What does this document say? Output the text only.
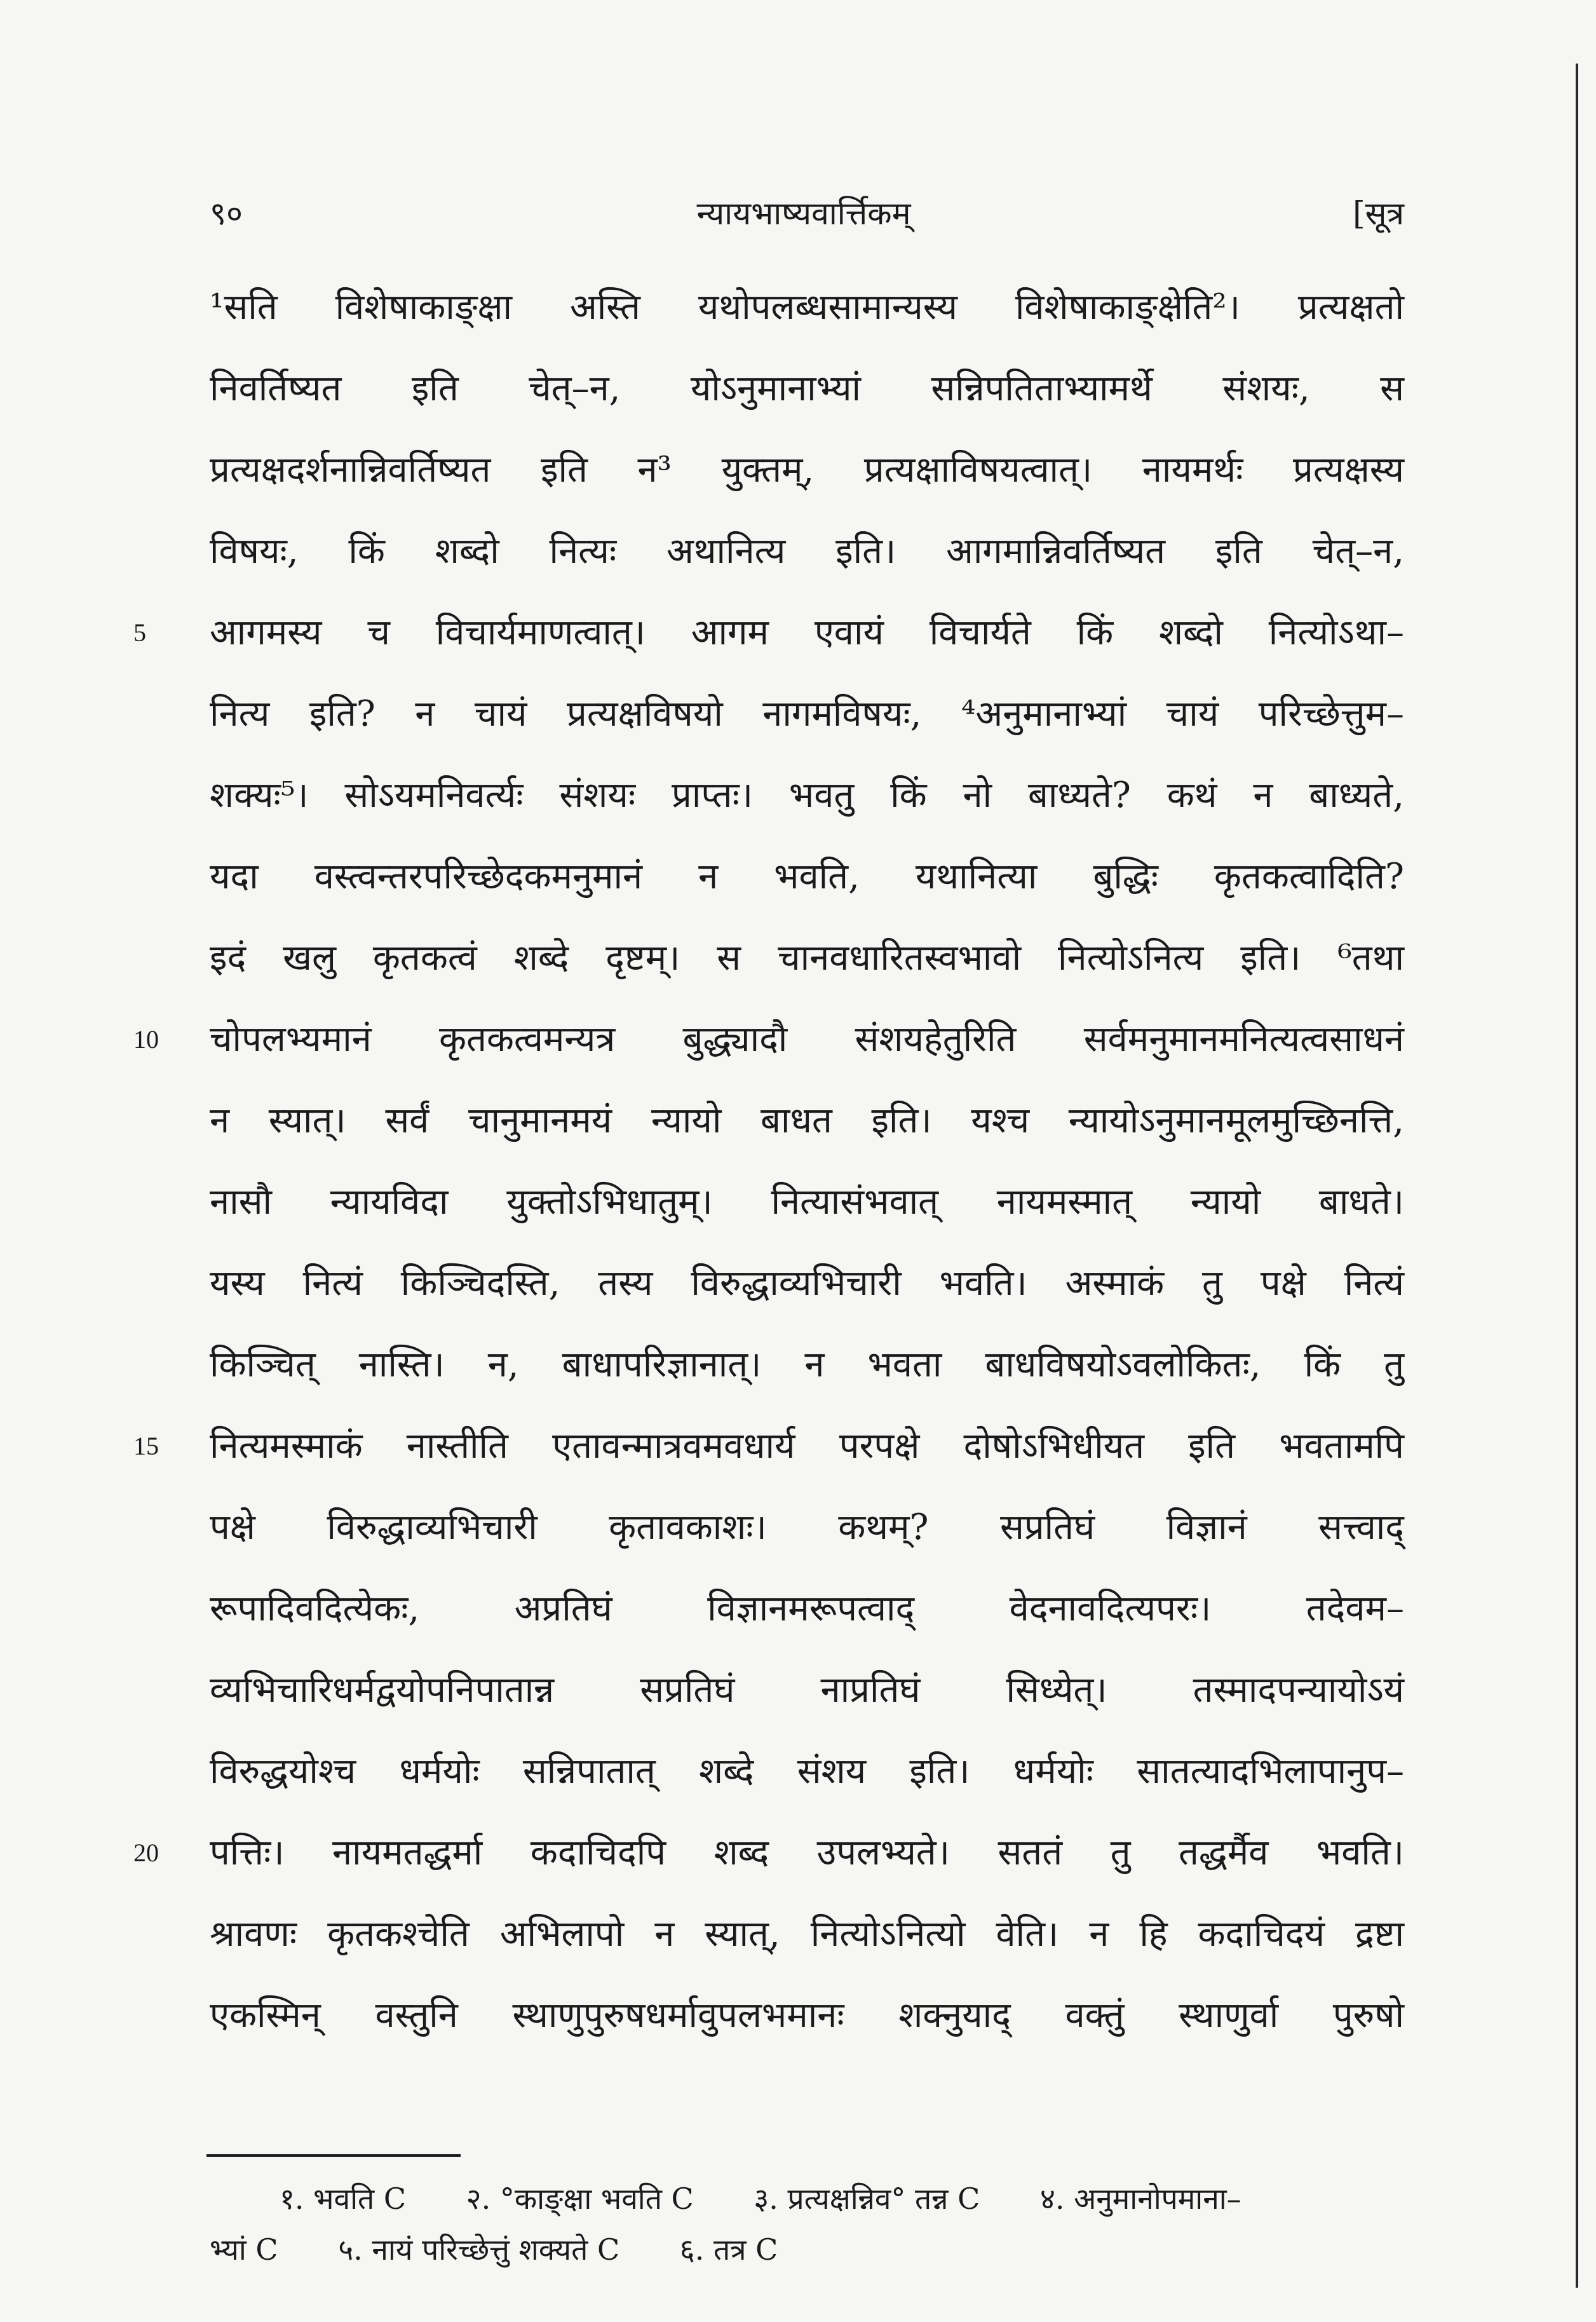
९०	न्यायभाष्यवार्त्तिकम्	[सूत्र
¹सति विशेषाकाङ्क्षा अस्ति यथोपलब्धसामान्यस्य विशेषाकाङ्क्षेति²। प्रत्यक्षतो
निवर्तिष्यत इति चेत्–न, योऽनुमानाभ्यां सन्निपतिताभ्यामर्थे संशयः, स
प्रत्यक्षदर्शनान्निवर्तिष्यत इति न³ युक्तम्, प्रत्यक्षाविषयत्वात्। नायमर्थः प्रत्यक्षस्य
विषयः, किं शब्दो नित्यः अथानित्य इति। आगमान्निवर्तिष्यत इति चेत्–न,
5 आगमस्य च विचार्यमाणत्वात्। आगम एवायं विचार्यते किं शब्दो नित्योऽथा–
नित्य इति? न चायं प्रत्यक्षविषयो नागमविषयः, ⁴अनुमानाभ्यां चायं परिच्छेत्तुम–
शक्यः⁵। सोऽयमनिवर्त्यः संशयः प्राप्तः। भवतु किं नो बाध्यते? कथं न बाध्यते,
यदा वस्त्वन्तरपरिच्छेदकमनुमानं न भवति, यथानित्या बुद्धिः कृतकत्वादिति?
इदं खलु कृतकत्वं शब्दे दृष्टम्। स चानवधारितस्वभावो नित्योऽनित्य इति। ⁶तथा
10 चोपलभ्यमानं कृतकत्वमन्यत्र बुद्ध्यादौ संशयहेतुरिति सर्वमनुमानमनित्यत्वसाधनं
न स्यात्। सर्वं चानुमानमयं न्यायो बाधत इति। यश्च न्यायोऽनुमानमूलमुच्छिनत्ति,
नासौ न्यायविदा युक्तोऽभिधातुम्। नित्यासंभवात् नायमस्मात् न्यायो बाधते।
यस्य नित्यं किञ्चिदस्ति, तस्य विरुद्धाव्यभिचारी भवति। अस्माकं तु पक्षे नित्यं
किञ्चित् नास्ति। न, बाधापरिज्ञानात्। न भवता बाधविषयोऽवलोकितः, किं तु
15 नित्यमस्माकं नास्तीति एतावन्मात्रवमवधार्य परपक्षे दोषोऽभिधीयत इति भवतामपि
पक्षे विरुद्धाव्यभिचारी कृतावकाशः। कथम्? सप्रतिघं विज्ञानं सत्त्वाद्
रूपादिवदित्येकः, अप्रतिघं विज्ञानमरूपत्वाद् वेदनावदित्यपरः। तदेवम–
व्यभिचारिधर्मद्वयोपनिपातान्न सप्रतिघं नाप्रतिघं सिध्येत्। तस्मादपन्यायोऽयं
विरुद्धयोश्च धर्मयोः सन्निपातात् शब्दे संशय इति। धर्मयोः सातत्यादभिलापानुप–
20 पत्तिः। नायमतद्धर्मा कदाचिदपि शब्द उपलभ्यते। सततं तु तद्धर्मैव भवति।
श्रावणः कृतकश्चेति अभिलापो न स्यात्, नित्योऽनित्यो वेति। न हि कदाचिदयं द्रष्टा
एकस्मिन् वस्तुनि स्थाणुपुरुषधर्मावुपलभमानः शक्नुयाद् वक्तुं स्थाणुर्वा पुरुषो
१. भवति C २. °काङ्क्षा भवति C ३. प्रत्यक्षन्निव° तन्न C ४. अनुमानोपमाना–
भ्यां C ५. नायं परिच्छेत्तुं शक्यते C ६. तत्र C
